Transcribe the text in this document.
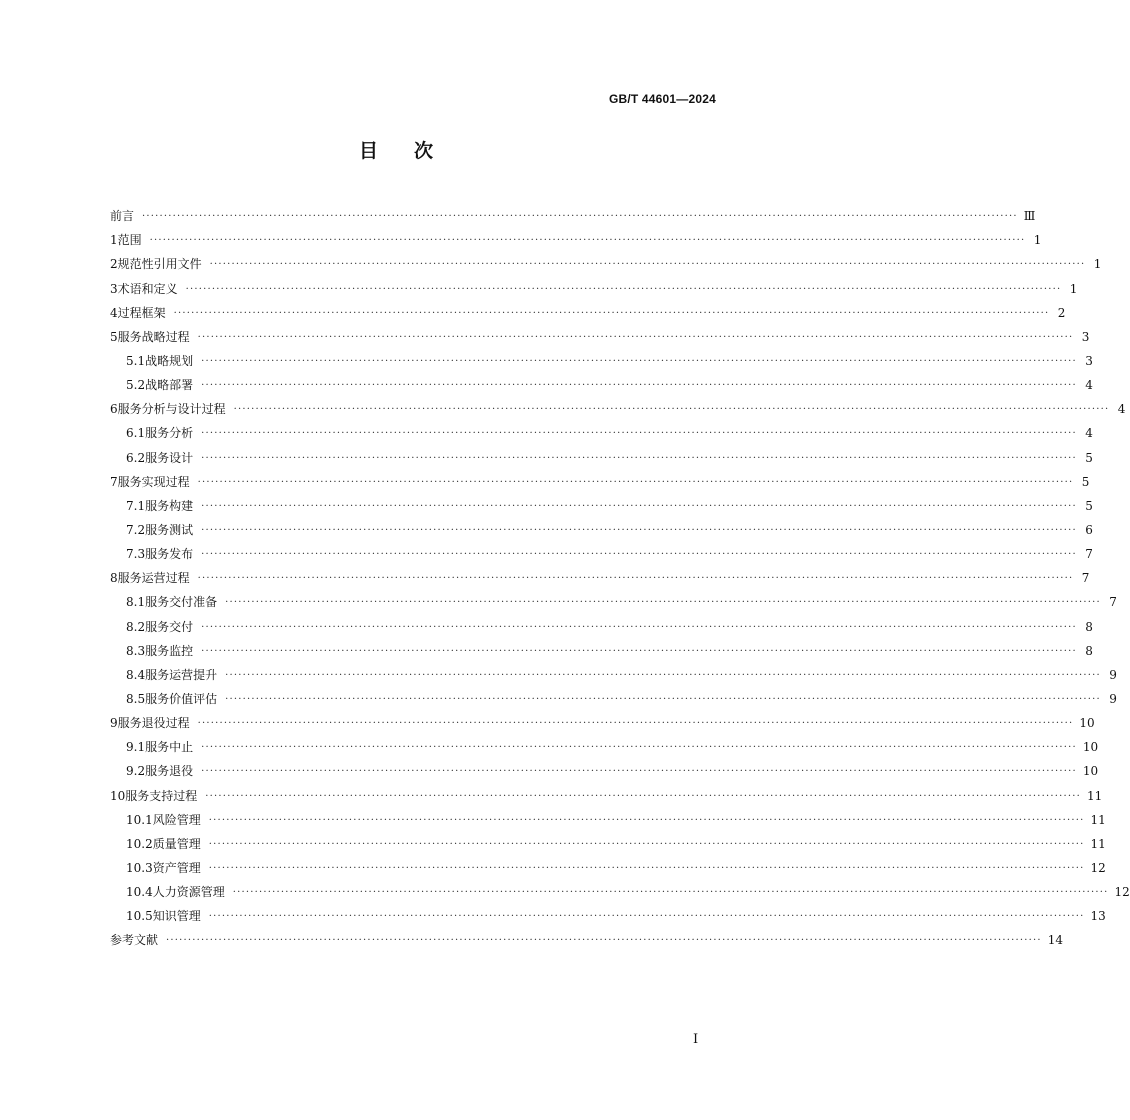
GB/T 44601—2024
目 次
前言 ········································································································································································································ Ⅲ
1 范围 ········································································································································································································ 1
2 规范性引用文件 ········································································································································································································ 1
3 术语和定义 ········································································································································································································ 1
4 过程框架 ········································································································································································································ 2
5 服务战略过程 ········································································································································································································ 3
5.1 战略规划 ········································································································································································································ 3
5.2 战略部署 ········································································································································································································ 4
6 服务分析与设计过程 ········································································································································································································ 4
6.1 服务分析 ········································································································································································································ 4
6.2 服务设计 ········································································································································································································ 5
7 服务实现过程 ········································································································································································································ 5
7.1 服务构建 ········································································································································································································ 5
7.2 服务测试 ········································································································································································································ 6
7.3 服务发布 ········································································································································································································ 7
8 服务运营过程 ········································································································································································································ 7
8.1 服务交付准备 ········································································································································································································ 7
8.2 服务交付 ········································································································································································································ 8
8.3 服务监控 ········································································································································································································ 8
8.4 服务运营提升 ········································································································································································································ 9
8.5 服务价值评估 ········································································································································································································ 9
9 服务退役过程 ········································································································································································································ 10
9.1 服务中止 ········································································································································································································ 10
9.2 服务退役 ········································································································································································································ 10
10 服务支持过程 ········································································································································································································ 11
10.1 风险管理 ········································································································································································································ 11
10.2 质量管理 ········································································································································································································ 11
10.3 资产管理 ········································································································································································································ 12
10.4 人力资源管理 ········································································································································································································ 12
10.5 知识管理 ········································································································································································································ 13
参考文献 ········································································································································································································ 14
I
